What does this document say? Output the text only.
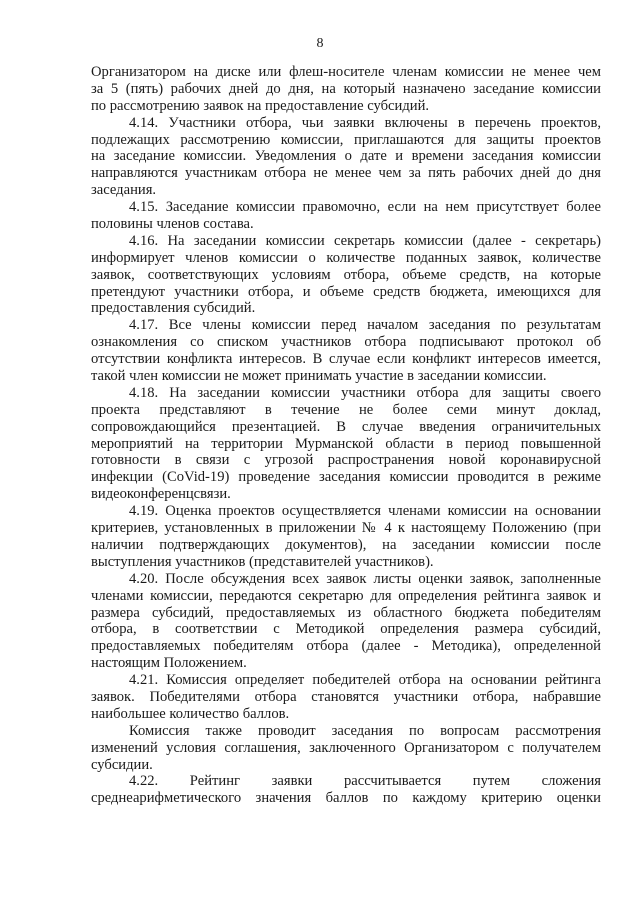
8

Организатором на диске или флеш-носителе членам комиссии не менее чем
за 5 (пять) рабочих дней до дня, на который назначено заседание комиссии
по рассмотрению заявок на предоставление субсидий.

4.14. Участники отбора, чьи заявки включены в перечень проектов,
подлежащих рассмотрению комиссии, приглашаются для защиты проектов
на заседание комиссии. Уведомления о дате и времени заседания комиссии
направляются участникам отбора не менее чем за пять рабочих дней до дня
заседания.

4.15. Заседание комиссии правомочно, если на нем присутствует более
половины членов состава.

4.16. На заседании комиссии секретарь комиссии (далее - секретарь)
информирует членов комиссии о количестве поданных заявок, количестве
заявок, соответствующих условиям отбора, объеме средств, на которые
претендуют участники отбора, и объеме средств бюджета, имеющихся для
предоставления субсидий.

4.17. Все члены комиссии перед началом заседания по результатам
ознакомления со списком участников отбора подписывают протокол об
отсутствии конфликта интересов. В случае если конфликт интересов имеется,
такой член комиссии не может принимать участие в заседании комиссии.

4.18. На заседании комиссии участники отбора для защиты своего
проекта представляют в течение не более семи минут доклад,
сопровождающийся презентацией. В случае введения ограничительных
мероприятий на территории Мурманской области в период повышенной
готовности в связи с угрозой распространения новой коронавирусной
инфекции (CoVid-19) проведение заседания комиссии проводится в режиме
видеоконференцсвязи.

4.19. Оценка проектов осуществляется членами комиссии на основании
критериев, установленных в приложении № 4 к настоящему Положению (при
наличии подтверждающих документов), на заседании комиссии после
выступления участников (представителей участников).

4.20. После обсуждения всех заявок листы оценки заявок, заполненные
членами комиссии, передаются секретарю для определения рейтинга заявок и
размера субсидий, предоставляемых из областного бюджета победителям
отбора, в соответствии с Методикой определения размера субсидий,
предоставляемых победителям отбора (далее - Методика), определенной
настоящим Положением.

4.21. Комиссия определяет победителей отбора на основании рейтинга
заявок. Победителями отбора становятся участники отбора, набравшие
наибольшее количество баллов.

Комиссия также проводит заседания по вопросам рассмотрения
изменений условия соглашения, заключенного Организатором с получателем
субсидии.

4.22. Рейтинг заявки рассчитывается путем сложения
среднеарифметического значения баллов по каждому критерию оценки
